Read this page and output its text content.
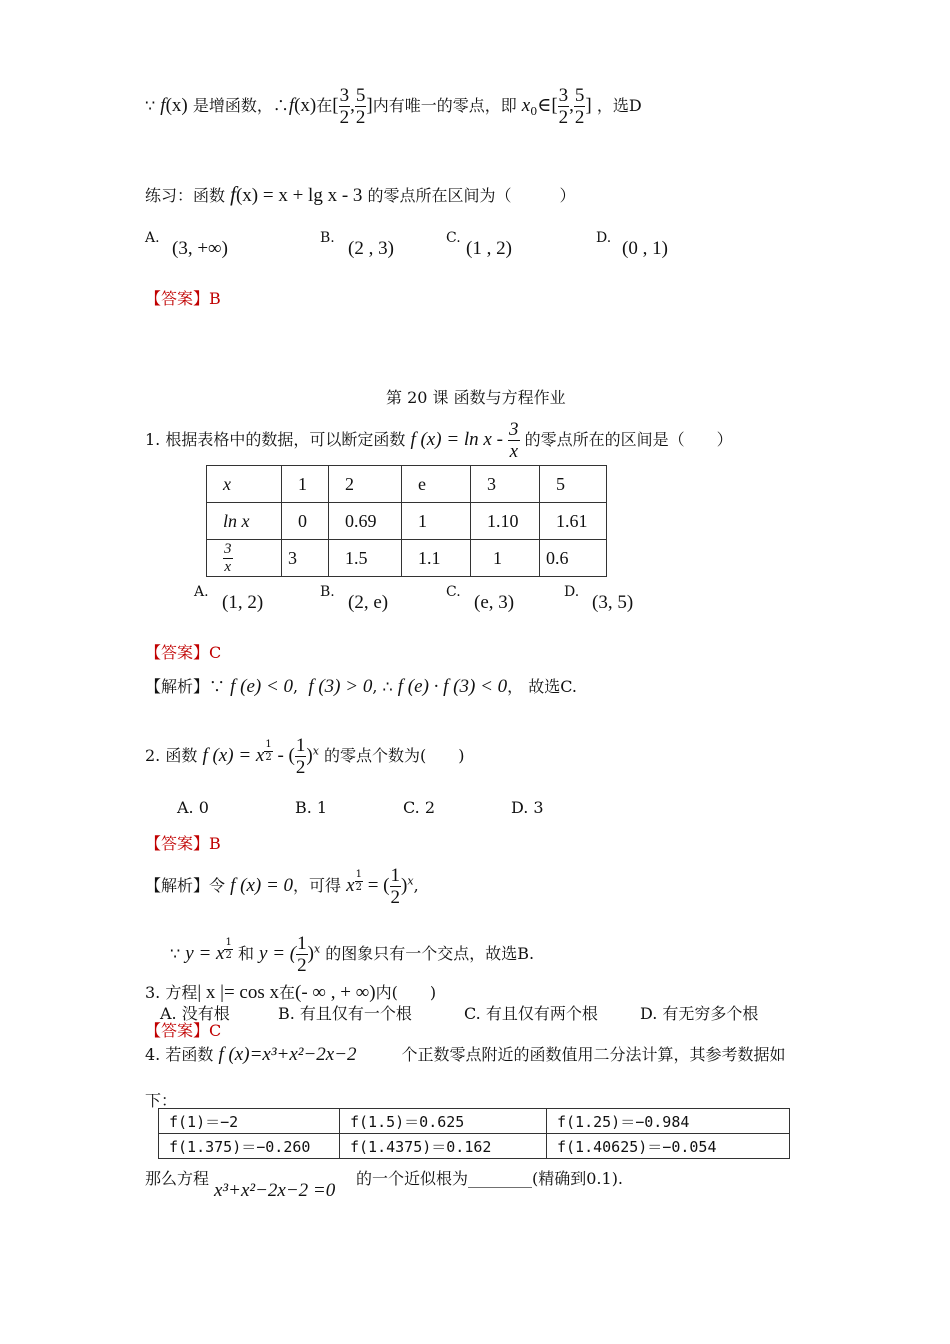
∵ f(x) 是增函数，∴f(x)在[ $\frac{3}{2}$ , $\frac{5}{2}$ ]内有唯一的零点，即 $x_0\in[ \frac{3}{2}$ , $\frac{5}{2}$ ] ，选D
练习：函数 f(x) = x + lg x - 3 的零点所在区间为（　　　）
A. (3, +∞)	B. (2 , 3)	C. (1 , 2)	D. (0 , 1)
【答案】B
第 20 课 函数与方程作业
1. 根据表格中的数据，可以断定函数 f $(x) = \ln x - \frac{3}{x}$ 的零点所在的区间是（　　）
x	1	2	e	3	5
ln x	0	0.69	1	1.10	1.61

$\frac{3}{x}$	3	1.5	1.1	1	0.6
A. (1, 2)	B. (2, e)	C. (e, 3)	D. (3, 5)
【答案】C
【解析】∵ f (e) < 0,  f (3) > 0, ∴ f (e) · f (3) < 0， 故选C.
2. 函数 f (x) = x $^{\frac{1}{2}}$ - ( $\frac{1}{2} )^x$ 的零点个数为(　　)
A. 0	B. 1	C. 2	D. 3
【答案】B
【解析】令 f (x) = 0，可得 x $^{\frac{1}{2}}$ = ( $\frac{1}{2} )^x$,
∵ y = x $^{\frac{1}{2}}$ 和 y = ( $\frac{1}{2} )^x$ 的图象只有一个交点，故选B.
3. 方程| x |= cos x在(- ∞ , + ∞)内(　　)
A. 没有根	B. 有且仅有一个根	C. 有且仅有两个根	D. 有无穷多个根
【答案】C
4. 若函数 f (x)=x³+x²−2x−2	个正数零点附近的函数值用二分法计算，其参考数据如
下：
f(1)＝−2	f(1.5)＝0.625	f(1.25)＝−0.984
f(1.375)＝−0.260	f(1.4375)＝0.162	f(1.40625)＝−0.054
那么方程
x³+x²−2x−2 =0
的一个近似根为________(精确到0.1).
